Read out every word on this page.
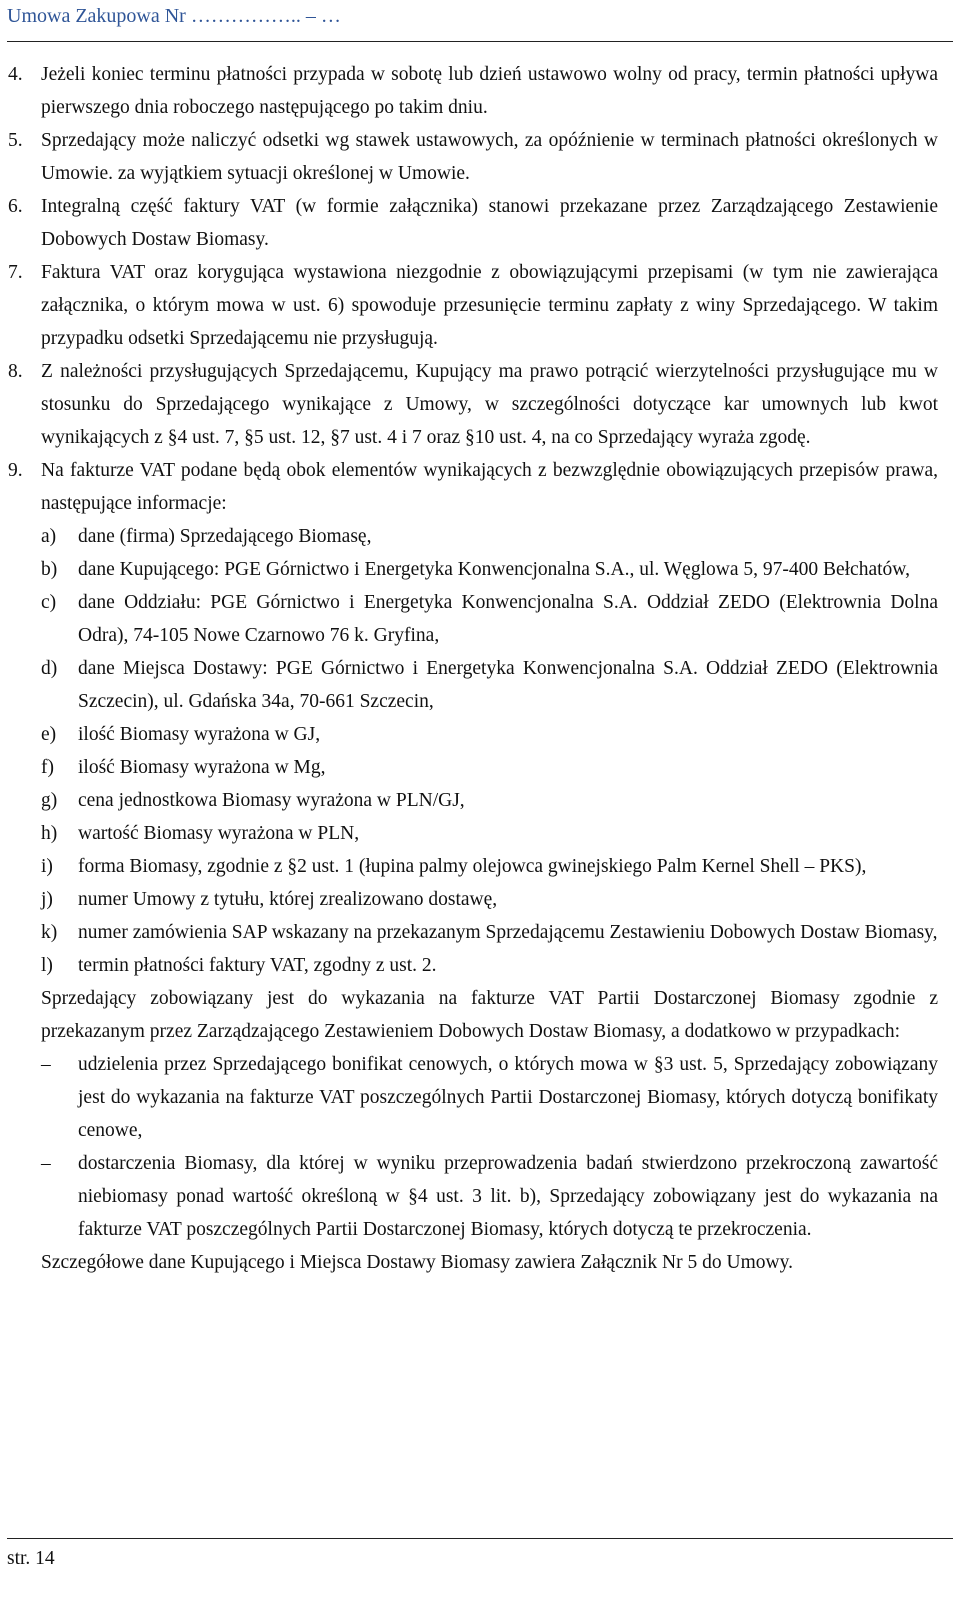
Umowa Zakupowa Nr …………….. – …

4. Jeżeli koniec terminu płatności przypada w sobotę lub dzień ustawowo wolny od pracy, termin płatności upływa pierwszego dnia roboczego następującego po takim dniu.

5. Sprzedający może naliczyć odsetki wg stawek ustawowych, za opóźnienie w terminach płatności określonych w Umowie. za wyjątkiem sytuacji określonej w Umowie.

6. Integralną część faktury VAT (w formie załącznika) stanowi przekazane przez Zarządzającego Zestawienie Dobowych Dostaw Biomasy.

7. Faktura VAT oraz korygująca wystawiona niezgodnie z obowiązującymi przepisami (w tym nie zawierająca załącznika, o którym mowa w ust. 6) spowoduje przesunięcie terminu zapłaty z winy Sprzedającego. W takim przypadku odsetki Sprzedającemu nie przysługują.

8. Z należności przysługujących Sprzedającemu, Kupujący ma prawo potrącić wierzytelności przysługujące mu w stosunku do Sprzedającego wynikające z Umowy, w szczególności dotyczące kar umownych lub kwot wynikających z §4 ust. 7, §5 ust. 12, §7 ust. 4 i 7 oraz §10 ust. 4, na co Sprzedający wyraża zgodę.

9. Na fakturze VAT podane będą obok elementów wynikających z bezwzględnie obowiązujących przepisów prawa, następujące informacje:

a) dane (firma) Sprzedającego Biomasę,

b) dane Kupującego: PGE Górnictwo i Energetyka Konwencjonalna S.A., ul. Węglowa 5, 97-400 Bełchatów,

c) dane Oddziału: PGE Górnictwo i Energetyka Konwencjonalna S.A. Oddział ZEDO (Elektrownia Dolna Odra), 74-105 Nowe Czarnowo 76 k. Gryfina,

d) dane Miejsca Dostawy: PGE Górnictwo i Energetyka Konwencjonalna S.A. Oddział ZEDO (Elektrownia Szczecin), ul. Gdańska 34a, 70-661 Szczecin,

e) ilość Biomasy wyrażona w GJ,

f) ilość Biomasy wyrażona w Mg,

g) cena jednostkowa Biomasy wyrażona w PLN/GJ,

h) wartość Biomasy wyrażona w PLN,

i) forma Biomasy, zgodnie z §2 ust. 1 (łupina palmy olejowca gwinejskiego Palm Kernel Shell – PKS),

j) numer Umowy z tytułu, której zrealizowano dostawę,

k) numer zamówienia SAP wskazany na przekazanym Sprzedającemu Zestawieniu Dobowych Dostaw Biomasy,

l) termin płatności faktury VAT, zgodny z ust. 2.

Sprzedający zobowiązany jest do wykazania na fakturze VAT Partii Dostarczonej Biomasy zgodnie z przekazanym przez Zarządzającego Zestawieniem Dobowych Dostaw Biomasy, a dodatkowo w przypadkach:

– udzielenia przez Sprzedającego bonifikat cenowych, o których mowa w §3 ust. 5, Sprzedający zobowiązany jest do wykazania na fakturze VAT poszczególnych Partii Dostarczonej Biomasy, których dotyczą bonifikaty cenowe,

– dostarczenia Biomasy, dla której w wyniku przeprowadzenia badań stwierdzono przekroczoną zawartość niebiomasy ponad wartość określoną w §4 ust. 3 lit. b), Sprzedający zobowiązany jest do wykazania na fakturze VAT poszczególnych Partii Dostarczonej Biomasy, których dotyczą te przekroczenia.

Szczegółowe dane Kupującego i Miejsca Dostawy Biomasy zawiera Załącznik Nr 5 do Umowy.

str. 14
